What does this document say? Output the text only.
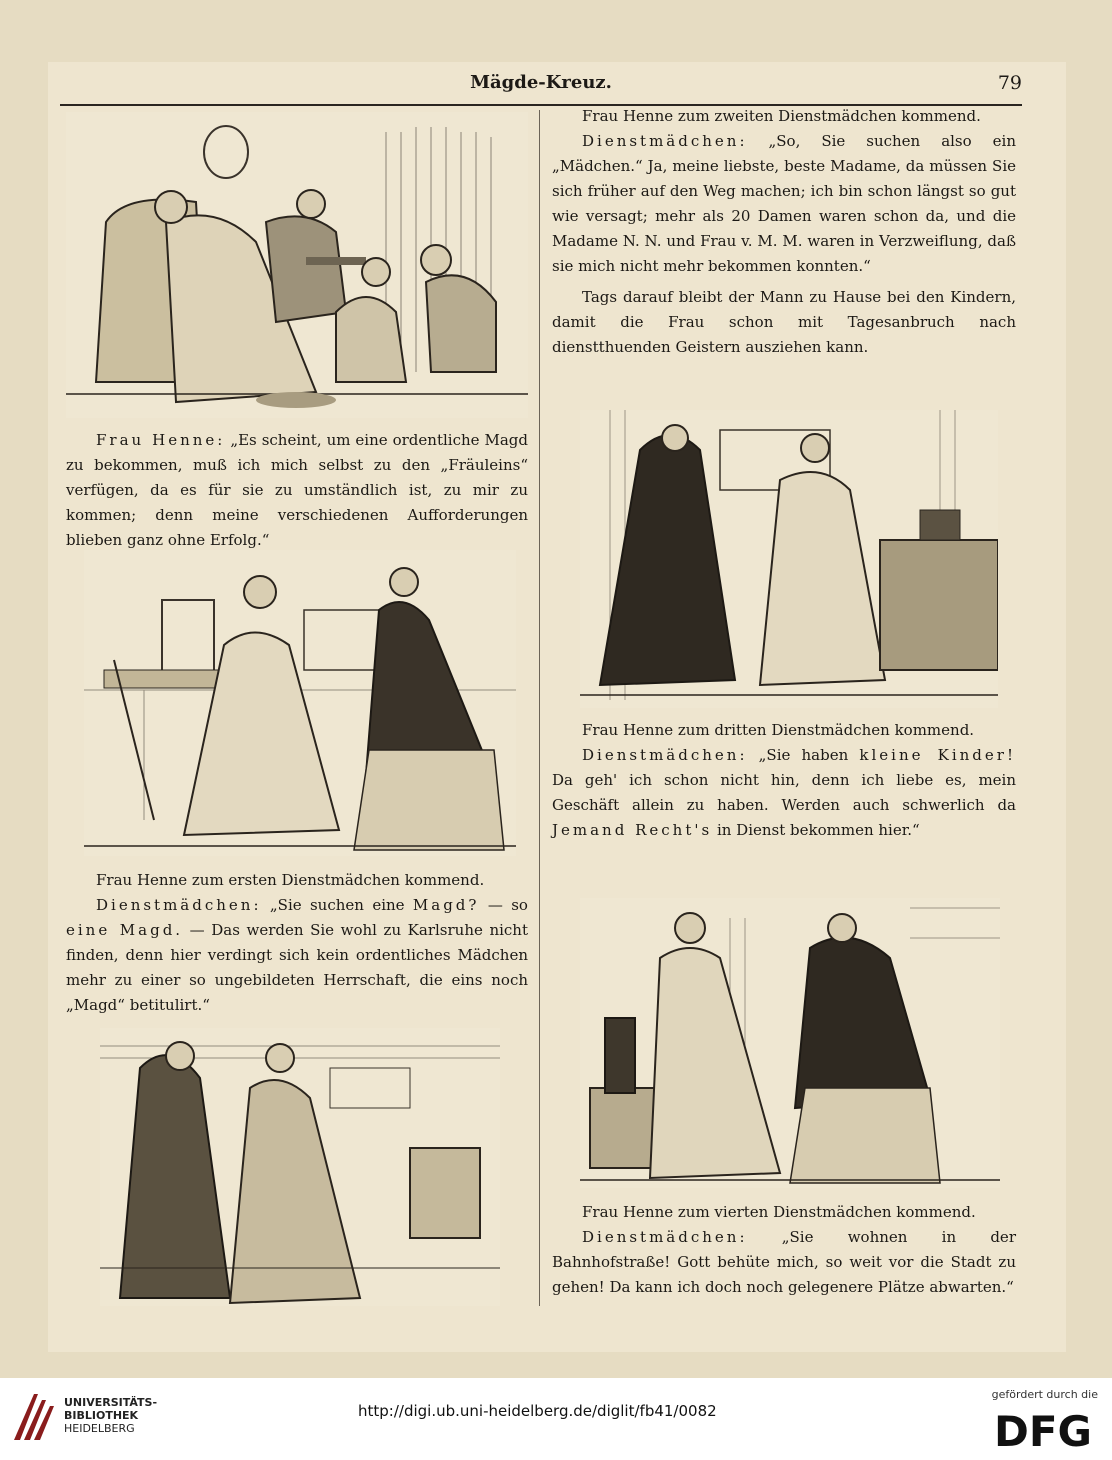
Mägde-Kreuz.	79

Frau Henne: „Es scheint, um eine ordentliche Magd zu bekommen, muß ich mich selbst zu den „Fräuleins“ verfügen, da es für sie zu umständlich ist, zu mir zu kommen; denn meine verschiedenen Aufforderungen blieben ganz ohne Erfolg.“

Frau Henne zum ersten Dienstmädchen kommend.

Dienstmädchen: „Sie suchen eine Magd? — so eine Magd. — Das werden Sie wohl zu Karlsruhe nicht finden, denn hier verdingt sich kein ordentliches Mädchen mehr zu einer so ungebildeten Herrschaft, die eins noch „Magd“ betitulirt.“

Frau Henne zum zweiten Dienstmädchen kommend.

Dienstmädchen: „So, Sie suchen also ein „Mädchen.“ Ja, meine liebste, beste Madame, da müssen Sie sich früher auf den Weg machen; ich bin schon längst so gut wie versagt; mehr als 20 Damen waren schon da, und die Madame N. N. und Frau v. M. M. waren in Verzweiflung, daß sie mich nicht mehr bekommen konnten.“

Tags darauf bleibt der Mann zu Hause bei den Kindern, damit die Frau schon mit Tagesanbruch nach dienstthuenden Geistern ausziehen kann.

Frau Henne zum dritten Dienstmädchen kommend.

Dienstmädchen: „Sie haben kleine Kinder! Da geh' ich schon nicht hin, denn ich liebe es, mein Geschäft allein zu haben. Werden auch schwerlich da Jemand Recht's in Dienst bekommen hier.“

Frau Henne zum vierten Dienstmädchen kommend.

Dienstmädchen: „Sie wohnen in der Bahnhofstraße! Gott behüte mich, so weit vor die Stadt zu gehen! Da kann ich doch noch gelegenere Plätze abwarten.“

UNIVERSITÄTS-
BIBLIOTHEK
HEIDELBERG
http://digi.ub.uni-heidelberg.de/diglit/fb41/0082
gefördert durch die
DFG
